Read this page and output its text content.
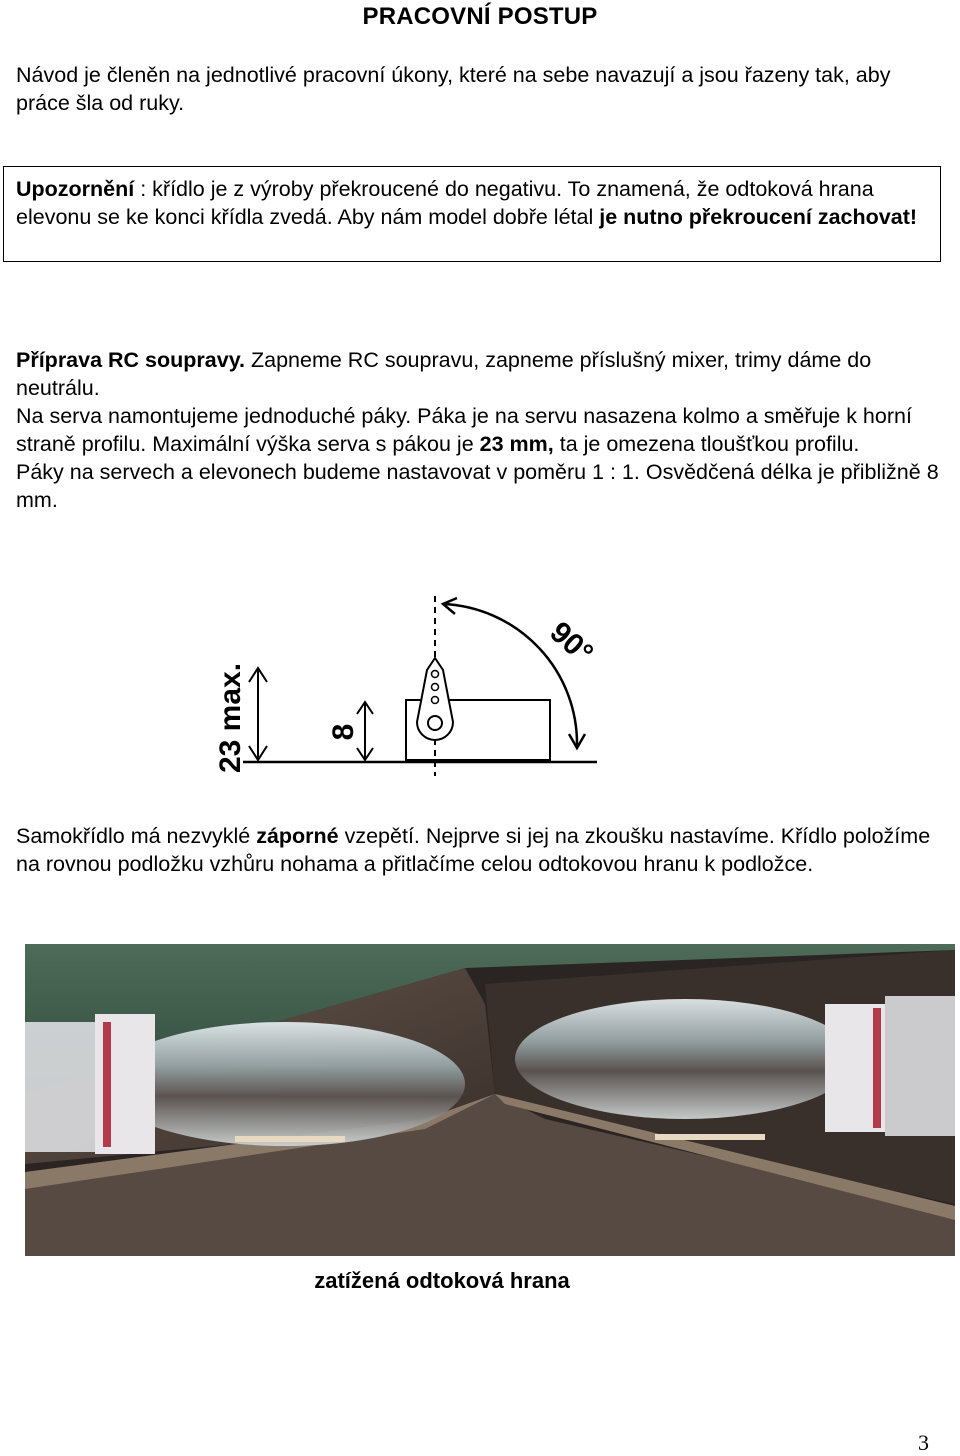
PRACOVNÍ POSTUP
Návod je členěn na jednotlivé pracovní úkony, které na sebe navazují a jsou řazeny tak, aby práce šla od ruky.
Upozornění : křídlo je z výroby překroucené do negativu. To znamená, že odtoková hrana elevonu se ke konci křídla zvedá. Aby nám model dobře létal je nutno překroucení zachovat!

Příprava RC soupravy. Zapneme RC soupravu, zapneme příslušný mixer, trimy dáme do neutrálu.

Na serva namontujeme jednoduché páky. Páka je na servu nasazena kolmo a směřuje k horní straně profilu. Maximální výška serva s pákou je 23 mm, ta je omezena tloušťkou profilu.

Páky na servech a elevonech budeme nastavovat v poměru 1 : 1. Osvědčená délka je přibližně 8 mm.

23 max.	8
90°
Samokřídlo má nezvyklé záporné vzepětí. Nejprve si jej na zkoušku nastavíme. Křídlo položíme na rovnou podložku vzhůru nohama a přitlačíme celou odtokovou hranu k podložce.
zatížená odtoková hrana
3
